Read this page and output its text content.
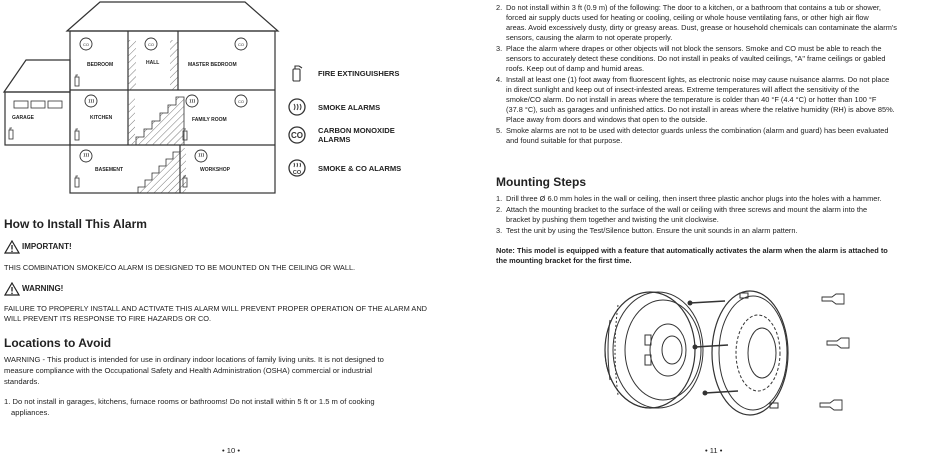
CO	CO	CO
CO
BEDROOM	HALL	MASTER BEDROOM
GARAGE	KITCHEN	FAMILY ROOM
BASEMENT	WORKSHOP
FIRE EXTINGUISHERS
SMOKE ALARMS
CO
CARBON MONOXIDE
ALARMS
CO
SMOKE & CO ALARMS
How to Install This Alarm
IMPORTANT!
THIS COMBINATION SMOKE/CO ALARM IS DESIGNED TO BE MOUNTED ON THE CEILING OR WALL.
WARNING!
FAILURE TO PROPERLY INSTALL AND ACTIVATE THIS ALARM WILL PREVENT PROPER OPERATION OF THE ALARM AND
WILL PREVENT ITS RESPONSE TO FIRE HAZARDS OR CO.
Locations to Avoid
WARNING - This product is intended for use in ordinary indoor locations of family living units. It is not designed to
measure compliance with the Occupational Safety and Health Administration (OSHA) commercial or industrial
standards.
1. Do not install in garages, kitchens, furnace rooms or bathrooms! Do not install within 5 ft or 1.5 m of cooking
appliances.
• 10 •
2. Do not install within 3 ft (0.9 m) of the following: The door to a kitchen, or a bathroom that contains a tub or shower,
forced air supply ducts used for heating or cooling, ceiling or whole house ventilating fans, or other high air flow
areas. Avoid excessively dusty, dirty or greasy areas. Dust, grease or household chemicals can contaminate the alarm's
sensors, causing the alarm to not operate properly.
3. Place the alarm where drapes or other objects will not block the sensors. Smoke and CO must be able to reach the
sensors to accurately detect these conditions. Do not install in peaks of vaulted ceilings, "A" frame ceilings or gabled
roofs. Keep out of damp and humid areas.
4. Install at least one (1) foot away from fluorescent lights, as electronic noise may cause nuisance alarms. Do not place
in direct sunlight and keep out of insect-infested areas. Extreme temperatures will affect the sensitivity of the
smoke/CO alarm. Do not install in areas where the temperature is colder than 40 °F (4.4 °C) or hotter than 100 °F
(37.8 °C), such as garages and unfinished attics. Do not install in areas where the relative humidity (RH) is above 85%.
Place away from doors and windows that open to the outside.
5. Smoke alarms are not to be used with detector guards unless the combination (alarm and guard) has been evaluated
and found suitable for that purpose.
Mounting Steps
1. Drill three Ø 6.0 mm holes in the wall or ceiling, then insert three plastic anchor plugs into the holes with a hammer.
2. Attach the mounting bracket to the surface of the wall or ceiling with three screws and mount the alarm into the
bracket by pushing them together and twisting the unit clockwise.
3. Test the unit by using the Test/Silence button. Ensure the unit sounds in an alarm pattern.
Note: This model is equipped with a feature that automatically activates the alarm when the alarm is attached to
the mounting bracket for the first time.
• 11 •
